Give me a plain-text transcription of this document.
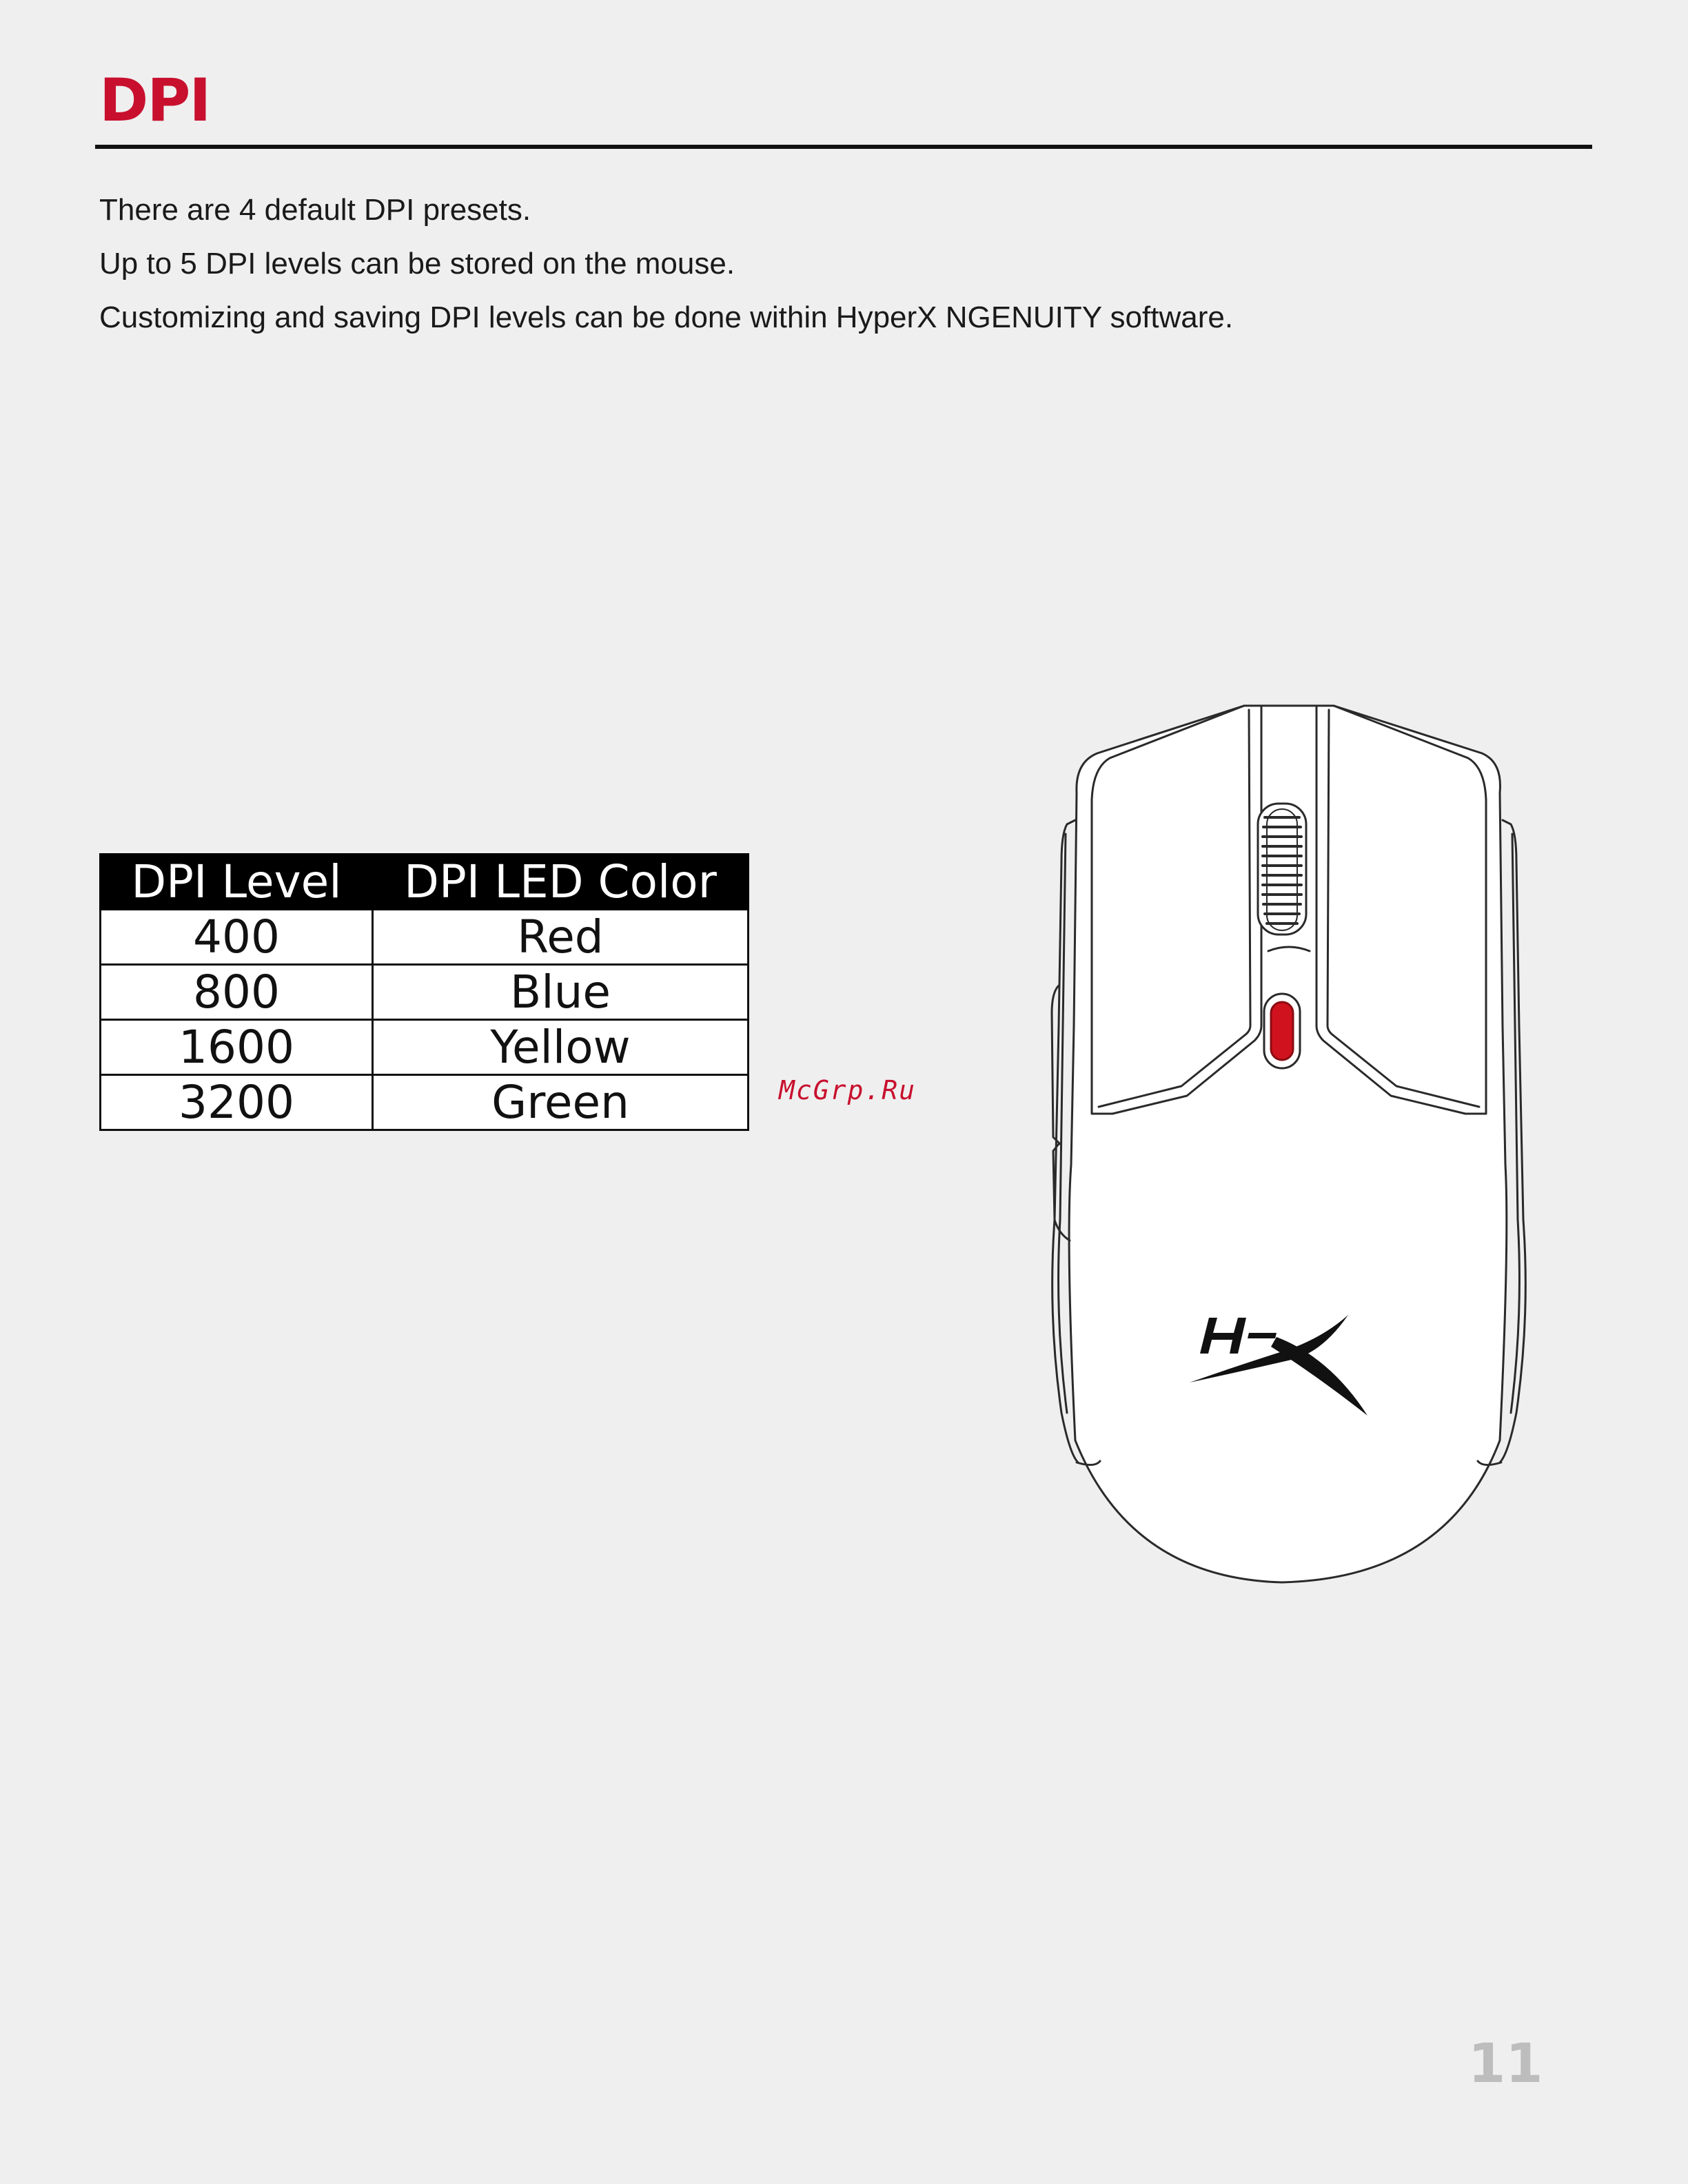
DPI

There are 4 default DPI presets.

Up to 5 DPI levels can be stored on the mouse.

Customizing and saving DPI levels can be done within HyperX NGENUITY software.

DPI Level	DPI LED Color
400	Red
800	Blue
1600	Yellow
3200	Green	McGrp.Ru
11
